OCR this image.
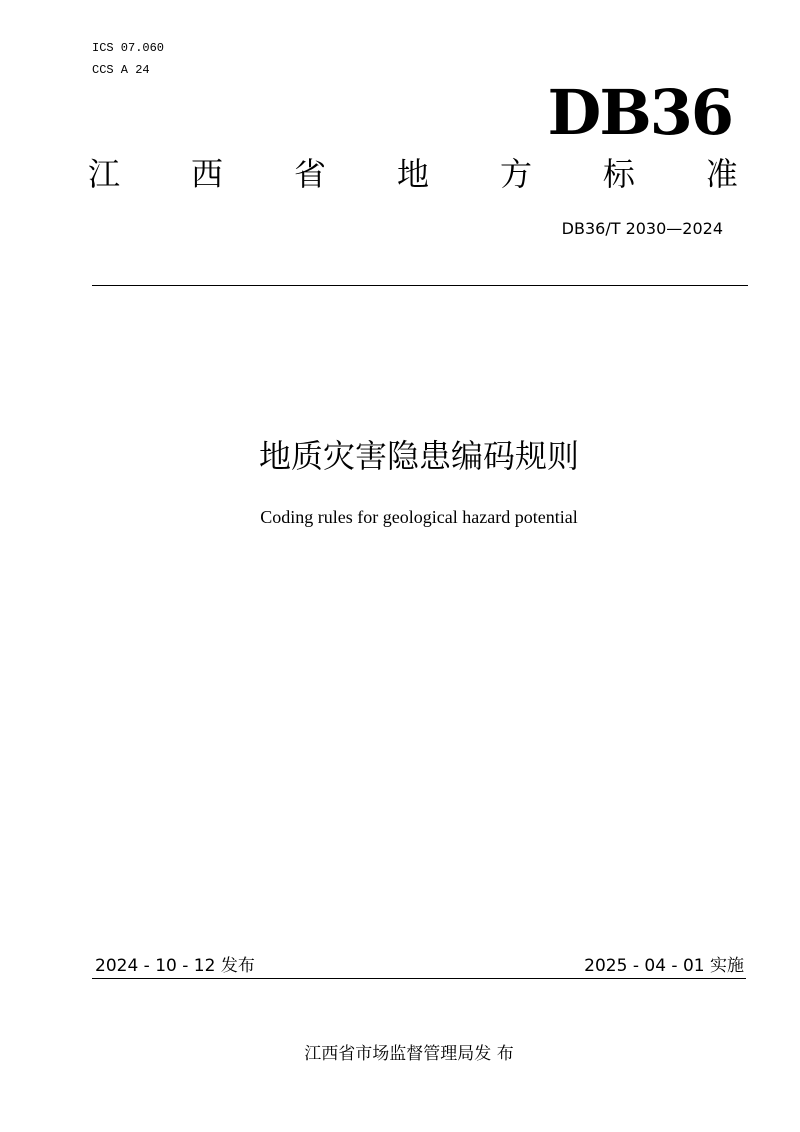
ICS 07.060
CCS A 24
DB36
江 西 省 地 方 标 准
DB36/T 2030—2024
地质灾害隐患编码规则
Coding rules for geological hazard potential
2024 - 10 - 12 发布	2025 - 04 - 01 实施
江西省市场监督管理局发 布
